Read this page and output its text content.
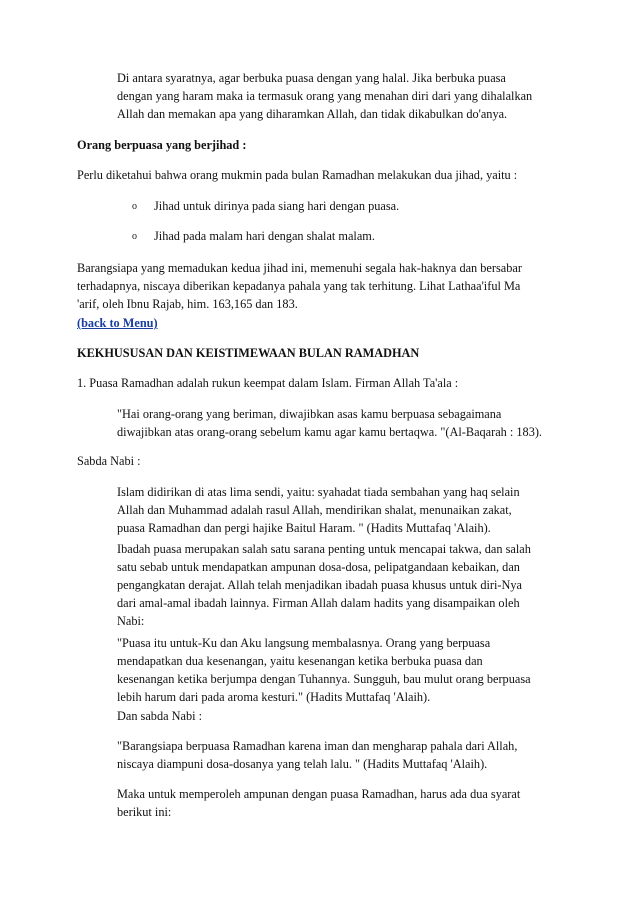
Di antara syaratnya, agar berbuka puasa dengan yang halal. Jika berbuka puasa
dengan yang haram maka ia termasuk orang yang menahan diri dari yang dihalalkan
Allah dan memakan apa yang diharamkan Allah, dan tidak dikabulkan do'anya.

Orang berpuasa yang berjihad :

Perlu diketahui bahwa orang mukmin pada bulan Ramadhan melakukan dua jihad, yaitu :

o Jihad untuk dirinya pada siang hari dengan puasa.
o Jihad pada malam hari dengan shalat malam.

Barangsiapa yang memadukan kedua jihad ini, memenuhi segala hak-haknya dan bersabar
terhadapnya, niscaya diberikan kepadanya pahala yang tak terhitung. Lihat Lathaa'iful Ma
'arif, oleh Ibnu Rajab, him. 163,165 dan 183.

(back to Menu)

KEKHUSUSAN DAN KEISTIMEWAAN BULAN RAMADHAN

1. Puasa Ramadhan adalah rukun keempat dalam Islam. Firman Allah Ta'ala :

"Hai orang-orang yang beriman, diwajibkan asas kamu berpuasa sebagaimana
diwajibkan atas orang-orang sebelum kamu agar kamu bertaqwa. "(Al-Baqarah : 183).

Sabda Nabi :

Islam didirikan di atas lima sendi, yaitu: syahadat tiada sembahan yang haq selain
Allah dan Muhammad adalah rasul Allah, mendirikan shalat, menunaikan zakat,
puasa Ramadhan dan pergi hajike Baitul Haram. " (Hadits Muttafaq 'Alaih).

Ibadah puasa merupakan salah satu sarana penting untuk mencapai takwa, dan salah
satu sebab untuk mendapatkan ampunan dosa-dosa, pelipatgandaan kebaikan, dan
pengangkatan derajat. Allah telah menjadikan ibadah puasa khusus untuk diri-Nya
dari amal-amal ibadah lainnya. Firman Allah dalam hadits yang disampaikan oleh
Nabi:

"Puasa itu untuk-Ku dan Aku langsung membalasnya. Orang yang berpuasa
mendapatkan dua kesenangan, yaitu kesenangan ketika berbuka puasa dan
kesenangan ketika berjumpa dengan Tuhannya. Sungguh, bau mulut orang berpuasa
lebih harum dari pada aroma kesturi." (Hadits Muttafaq 'Alaih).

Dan sabda Nabi :

"Barangsiapa berpuasa Ramadhan karena iman dan mengharap pahala dari Allah,
niscaya diampuni dosa-dosanya yang telah lalu. " (Hadits Muttafaq 'Alaih).

Maka untuk memperoleh ampunan dengan puasa Ramadhan, harus ada dua syarat
berikut ini:
